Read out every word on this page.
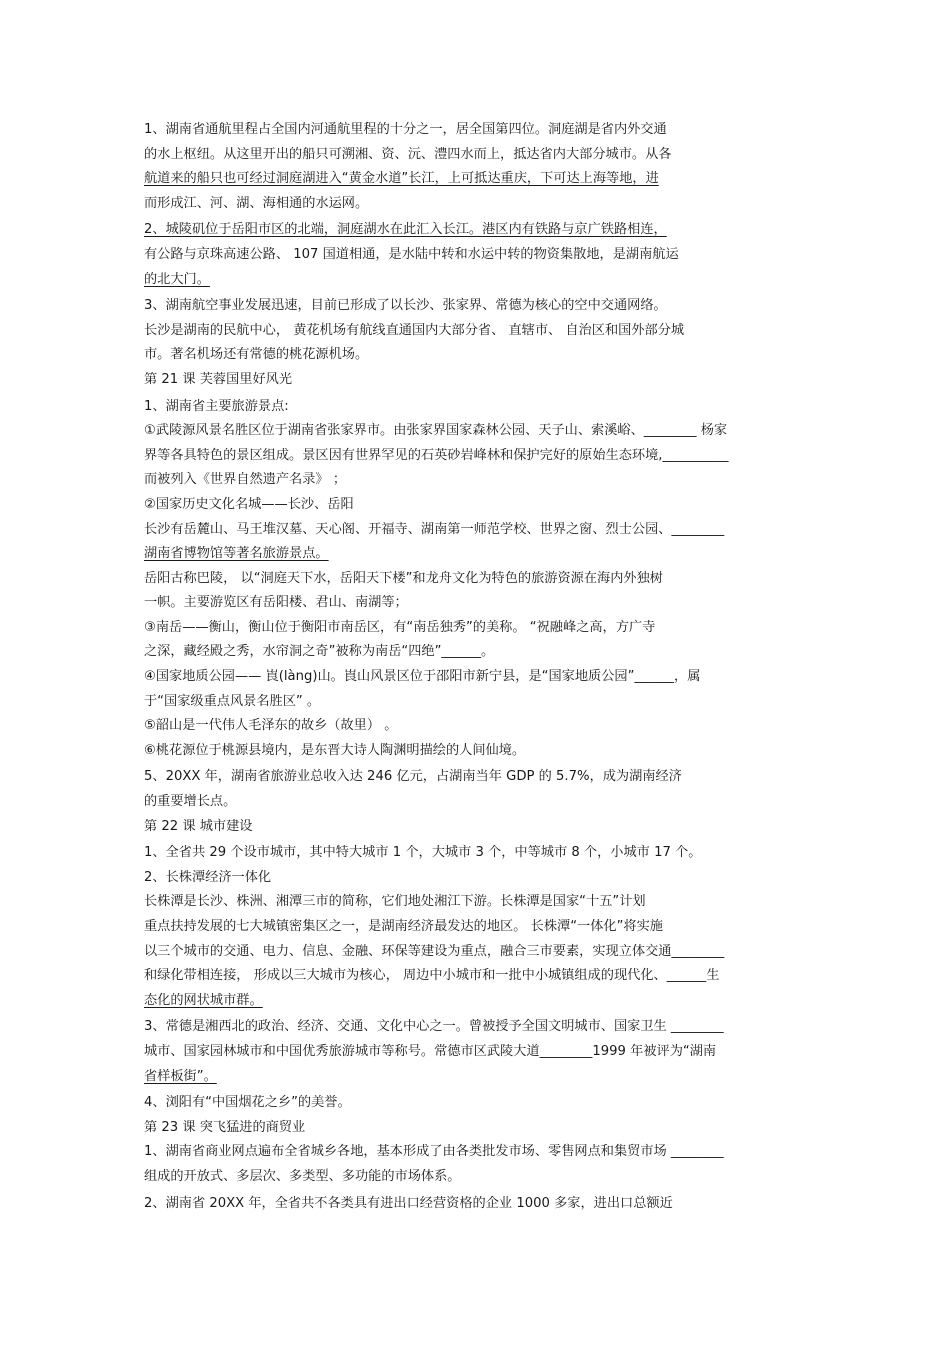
1、湖南省通航里程占全国内河通航里程的十分之一，居全国第四位。洞庭湖是省内外交通

的水上枢纽。从这里开出的船只可溯湘、资、沅、澧四水而上，抵达省内大部分城市。从各

航道来的船只也可经过洞庭湖进入“黄金水道”长江，上可抵达重庆，下可达上海等地，进

而形成江、河、湖、海相通的水运网。

2、城陵矶位于岳阳市区的北端，洞庭湖水在此汇入长江。港区内有铁路与京广铁路相连，

有公路与京珠高速公路、 107 国道相通，是水陆中转和水运中转的物资集散地，是湖南航运

的北大门。

3、湖南航空事业发展迅速，目前已形成了以长沙、张家界、常德为核心的空中交通网络。

长沙是湖南的民航中心， 黄花机场有航线直通国内大部分省、 直辖市、 自治区和国外部分城

市。著名机场还有常德的桃花源机场。

第 21 课 芙蓉国里好风光

1、湖南省主要旅游景点:

①武陵源风景名胜区位于湖南省张家界市。由张家界国家森林公园、天子山、索溪峪、________ 杨家

界等各具特色的景区组成。景区因有世界罕见的石英砂岩峰林和保护完好的原始生态环境,__________

而被列入《世界自然遗产名录》 ；

②国家历史文化名城——长沙、岳阳

长沙有岳麓山、马王堆汉墓、天心阁、开福寺、湖南第一师范学校、世界之窗、烈士公园、________

湖南省博物馆等著名旅游景点。

岳阳古称巴陵， 以“洞庭天下水，岳阳天下楼”和龙舟文化为特色的旅游资源在海内外独树

一帜。主要游览区有岳阳楼、君山、南湖等；

③南岳——衡山，衡山位于衡阳市南岳区，有“南岳独秀”的美称。 “祝融峰之高，方广寺

之深，藏经殿之秀，水帘洞之奇”被称为南岳“四绝”______。

④国家地质公园—— 崀(làng)山。崀山风景区位于邵阳市新宁县，是“国家地质公园”______，属

于“国家级重点风景名胜区” 。

⑤韶山是一代伟人毛泽东的故乡（故里） 。

⑥桃花源位于桃源县境内，是东晋大诗人陶渊明描绘的人间仙境。

5、20XX 年，湖南省旅游业总收入达 246 亿元，占湖南当年 GDP 的 5.7%，成为湖南经济

的重要增长点。

第 22 课 城市建设

1、全省共 29 个设市城市，其中特大城市 1 个，大城市 3 个，中等城市 8 个，小城市 17 个。

2、长株潭经济一体化

长株潭是长沙、株洲、湘潭三市的简称，它们地处湘江下游。长株潭是国家“十五”计划

重点扶持发展的七大城镇密集区之一，是湖南经济最发达的地区。 长株潭“一体化”将实施

以三个城市的交通、电力、信息、金融、环保等建设为重点，融合三市要素，实现立体交通________

和绿化带相连接， 形成以三大城市为核心， 周边中小城市和一批中小城镇组成的现代化、______生

态化的网状城市群。

3、常德是湘西北的政治、经济、交通、文化中心之一。曾被授予全国文明城市、国家卫生 ________

城市、国家园林城市和中国优秀旅游城市等称号。常德市区武陵大道________1999 年被评为“湖南

省样板街”。

4、浏阳有“中国烟花之乡”的美誉。

第 23 课 突飞猛进的商贸业

1、湖南省商业网点遍布全省城乡各地，基本形成了由各类批发市场、零售网点和集贸市场 ________

组成的开放式、多层次、多类型、多功能的市场体系。

2、湖南省 20XX 年，全省共不各类具有进出口经营资格的企业 1000 多家，进出口总额近
